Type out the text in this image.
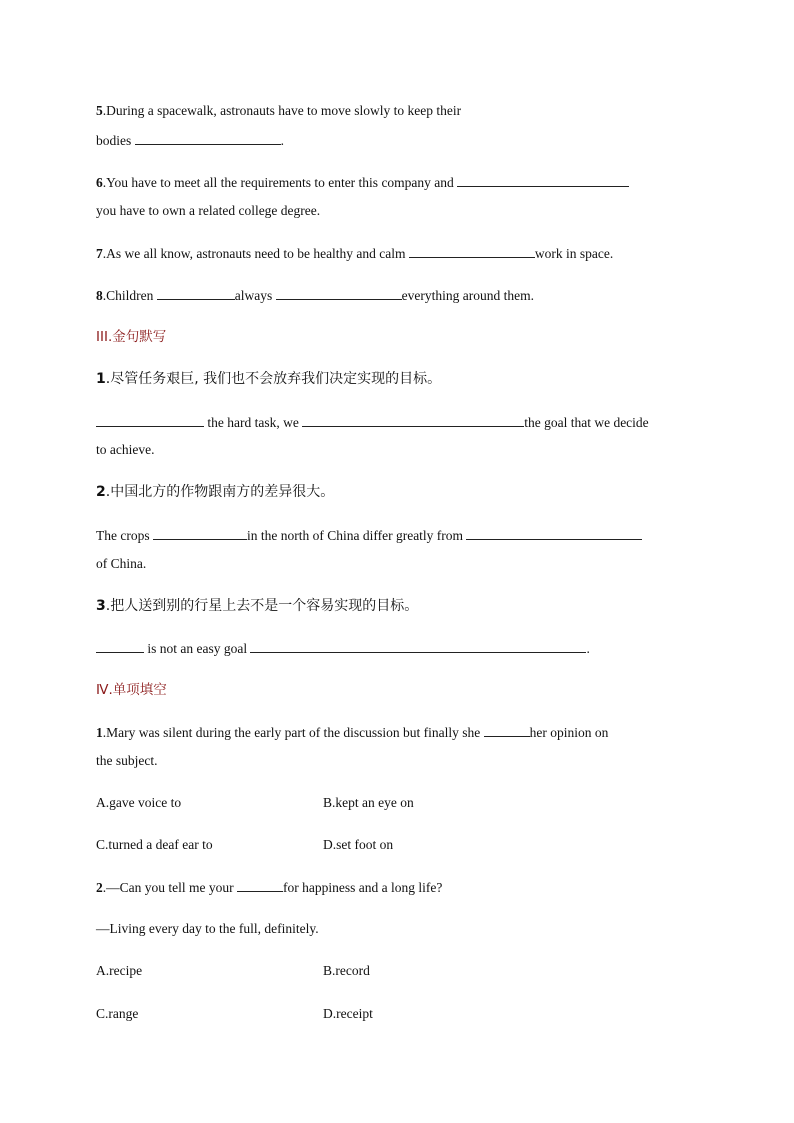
5.During a spacewalk, astronauts have to move slowly to keep their
bodies	.
6.You have to meet all the requirements to enter this company and
you have to own a related college degree.
7.As we all know, astronauts need to be healthy and calm	work in space.
8.Children	always	everything around them.
III.金句默写
1.尽管任务艰巨, 我们也不会放弃我们决定实现的目标。
the hard task, we	the goal that we decide
to achieve.
2.中国北方的作物跟南方的差异很大。
The crops	in the north of China differ greatly from
of China.
3.把人送到别的行星上去不是一个容易实现的目标。
is not an easy goal	.
Ⅳ.单项填空
1.Mary was silent during the early part of the discussion but finally she	her opinion on
the subject.
A.gave voice to	B.kept an eye on
C.turned a deaf ear to	D.set foot on
2.—Can you tell me your	for happiness and a long life?
—Living every day to the full, definitely.
A.recipe	B.record
C.range	D.receipt
